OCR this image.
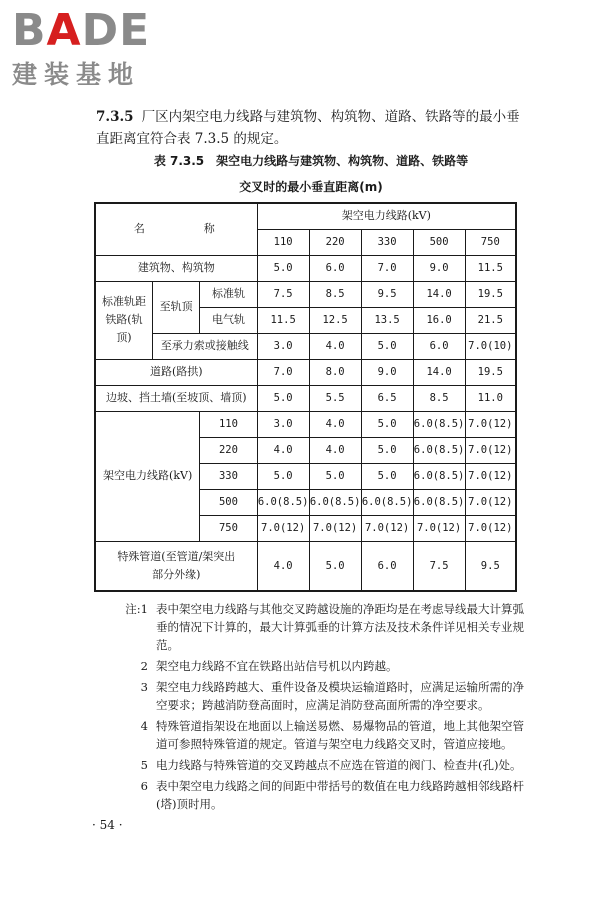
BADE
建装基地
7.3.5 厂区内架空电力线路与建筑物、构筑物、道路、铁路等的最小垂直距离宜符合表 7.3.5 的规定。
表 7.3.5 架空电力线路与建筑物、构筑物、道路、铁路等
交叉时的最小垂直距离(m)
名　称			架空电力线路(kV)				
			110	220	330	500	750
建筑物、构筑物			5.0	6.0	7.0	9.0	11.5
标准轨距铁路(轨顶)	至轨顶	标准轨	7.5	8.5	9.5	14.0	19.5
		电气轨	11.5	12.5	13.5	16.0	21.5
	至承力索或接触线		3.0	4.0	5.0	6.0	7.0(10)
道路(路拱)			7.0	8.0	9.0	14.0	19.5
边坡、挡土墙(至坡顶、墙顶)			5.0	5.5	6.5	8.5	11.0
架空电力线路(kV)		110	3.0	4.0	5.0	6.0(8.5)	7.0(12)
		220	4.0	4.0	5.0	6.0(8.5)	7.0(12)
		330	5.0	5.0	5.0	6.0(8.5)	7.0(12)
		500	6.0(8.5)	6.0(8.5)	6.0(8.5)	6.0(8.5)	7.0(12)
		750	7.0(12)	7.0(12)	7.0(12)	7.0(12)	7.0(12)
特殊管道(至管道/架突出部分外缘)			4.0	5.0	6.0	7.5	9.5
注:1 表中架空电力线路与其他交叉跨越设施的净距均是在考虑导线最大计算弧垂的情况下计算的，最大计算弧垂的计算方法及技术条件详见相关专业规范。
2 架空电力线路不宜在铁路出站信号机以内跨越。
3 架空电力线路跨越大、重件设备及模块运输道路时，应满足运输所需的净空要求；跨越消防登高面时，应满足消防登高面所需的净空要求。
4 特殊管道指架设在地面以上输送易燃、易爆物品的管道，地上其他架空管道可参照特殊管道的规定。管道与架空电力线路交叉时，管道应接地。
5 电力线路与特殊管道的交叉跨越点不应选在管道的阀门、检查井(孔)处。
6 表中架空电力线路之间的间距中带括号的数值在电力线路跨越相邻线路杆(塔)顶时用。
· 54 ·
